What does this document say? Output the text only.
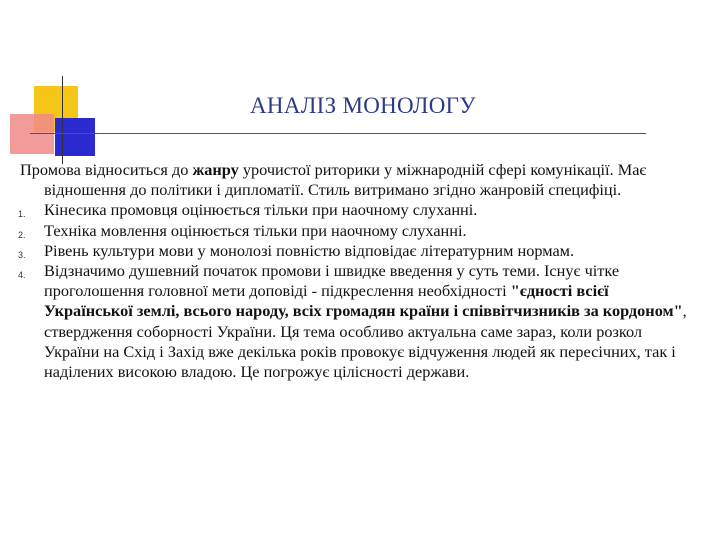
АНАЛІЗ МОНОЛОГУ

Промова відноситься до жанру урочистої риторики у міжнародній сфері комунікації. Має відношення до політики і дипломатії. Стиль витримано згідно жанровій специфіці.

1.	Кінесика промовця оцінюється тільки при наочному слуханні.
2.	Техніка мовлення оцінюється тільки при наочному слуханні.
3.	Рівень культури мови у монолозі повністю відповідає літературним нормам.
4.	Відзначимо душевний початок промови і швидке введення у суть теми. Існує чітке проголошення головної мети доповіді - підкреслення необхідності "єдності всієї Української землі, всього народу, всіх громадян країни і співвітчизників за кордоном", ствердження соборності України. Ця тема особливо актуальна саме зараз, коли розкол України на Схід і Захід вже декілька років провокує відчуження людей як пересічних, так і наділених високою владою. Це погрожує цілісності держави.
